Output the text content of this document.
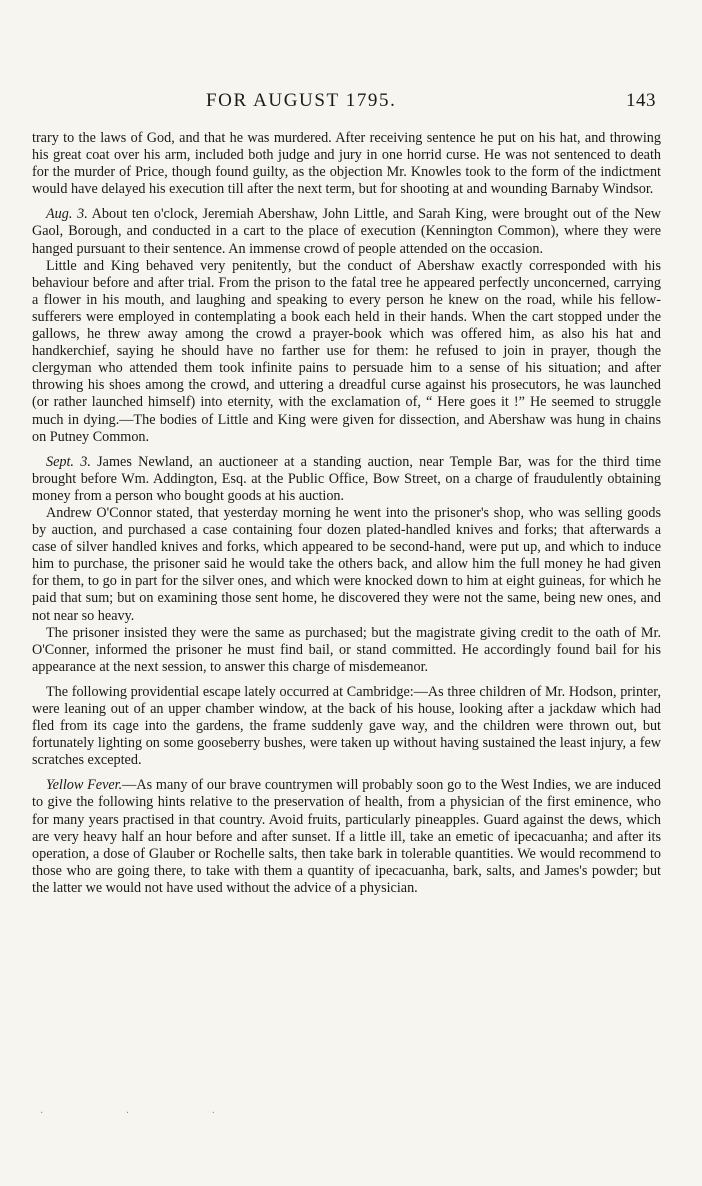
FOR AUGUST 1795.	143

trary to the laws of God, and that he was murdered. After receiving sentence he put on his hat, and throwing his great coat over his arm, included both judge and jury in one horrid curse. He was not sentenced to death for the murder of Price, though found guilty, as the objection Mr. Knowles took to the form of the indictment would have delayed his execution till after the next term, but for shooting at and wounding Barnaby Windsor.

Aug. 3. About ten o'clock, Jeremiah Abershaw, John Little, and Sarah King, were brought out of the New Gaol, Borough, and conducted in a cart to the place of execution (Kennington Common), where they were hanged pursuant to their sentence. An immense crowd of people attended on the occasion.

Little and King behaved very penitently, but the conduct of Abershaw exactly corresponded with his behaviour before and after trial. From the prison to the fatal tree he appeared perfectly unconcerned, carrying a flower in his mouth, and laughing and speaking to every person he knew on the road, while his fellow-sufferers were employed in contemplating a book each held in their hands. When the cart stopped under the gallows, he threw away among the crowd a prayer-book which was offered him, as also his hat and handkerchief, saying he should have no farther use for them: he refused to join in prayer, though the clergyman who attended them took infinite pains to persuade him to a sense of his situation; and after throwing his shoes among the crowd, and uttering a dreadful curse against his prosecutors, he was launched (or rather launched himself) into eternity, with the exclamation of, “ Here goes it !” He seemed to struggle much in dying.—The bodies of Little and King were given for dissection, and Abershaw was hung in chains on Putney Common.

Sept. 3. James Newland, an auctioneer at a standing auction, near Temple Bar, was for the third time brought before Wm. Addington, Esq. at the Public Office, Bow Street, on a charge of fraudulently obtaining money from a person who bought goods at his auction.

Andrew O'Connor stated, that yesterday morning he went into the prisoner's shop, who was selling goods by auction, and purchased a case containing four dozen plated-handled knives and forks; that afterwards a case of silver handled knives and forks, which appeared to be second-hand, were put up, and which to induce him to purchase, the prisoner said he would take the others back, and allow him the full money he had given for them, to go in part for the silver ones, and which were knocked down to him at eight guineas, for which he paid that sum; but on examining those sent home, he discovered they were not the same, being new ones, and not near so heavy.

The prisoner insisted they were the same as purchased; but the magistrate giving credit to the oath of Mr. O'Conner, informed the prisoner he must find bail, or stand committed. He accordingly found bail for his appearance at the next session, to answer this charge of misdemeanor.

The following providential escape lately occurred at Cambridge:—As three children of Mr. Hodson, printer, were leaning out of an upper chamber window, at the back of his house, looking after a jackdaw which had fled from its cage into the gardens, the frame suddenly gave way, and the children were thrown out, but fortunately lighting on some gooseberry bushes, were taken up without having sustained the least injury, a few scratches excepted.

Yellow Fever.—As many of our brave countrymen will probably soon go to the West Indies, we are induced to give the following hints relative to the preservation of health, from a physician of the first eminence, who for many years practised in that country. Avoid fruits, particularly pineapples. Guard against the dews, which are very heavy half an hour before and after sunset. If a little ill, take an emetic of ipecacuanha; and after its operation, a dose of Glauber or Rochelle salts, then take bark in tolerable quantities. We would recommend to those who are going there, to take with them a quantity of ipecacuanha, bark, salts, and James's powder; but the latter we would not have used without the advice of a physician.

· · ·
